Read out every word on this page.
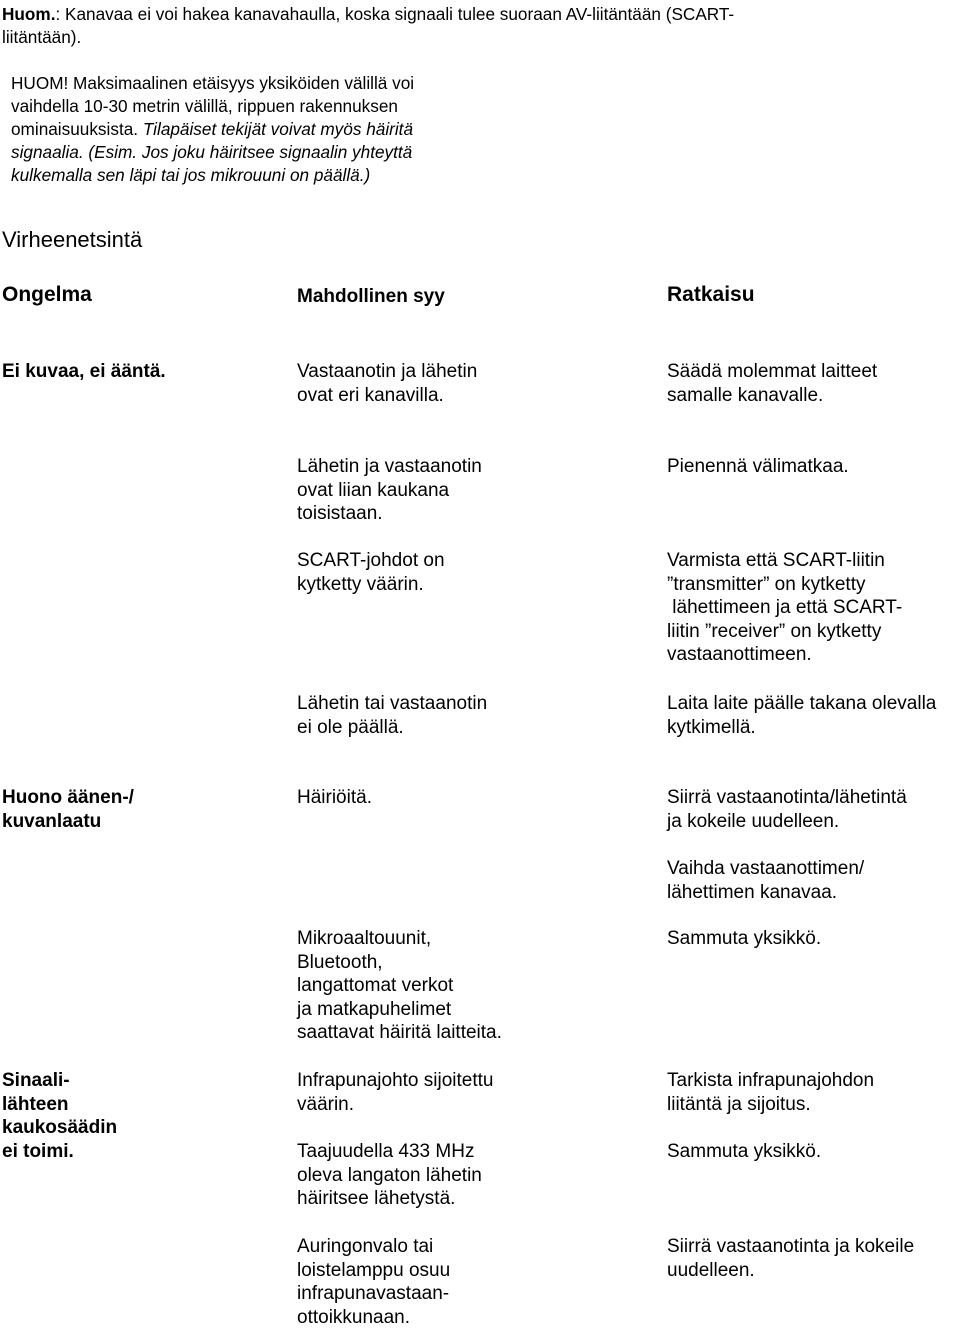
Huom.: Kanavaa ei voi hakea kanavahaulla, koska signaali tulee suoraan AV-liitäntään (SCART-
liitäntään).

HUOM! Maksimaalinen etäisyys yksiköiden välillä voi
vaihdella 10-30 metrin välillä, rippuen rakennuksen
ominaisuuksista. Tilapäiset tekijät voivat myös häiritä
signaalia. (Esim. Jos joku häiritsee signaalin yhteyttä
kulkemalla sen läpi tai jos mikrouuni on päällä.)

Virheenetsintä
Ongelma	Mahdollinen syy	Ratkaisu

Ei kuvaa, ei ääntä.

Huono äänen-/
kuvanlaatu

Sinaali-
lähteen
kaukosäädin
ei toimi.

Vastaanotin ja lähetin
ovat eri kanavilla.

Lähetin ja vastaanotin
ovat liian kaukana
toisistaan.

SCART-johdot on
kytketty väärin.

Lähetin tai vastaanotin
ei ole päällä.

Häiriöitä.

Mikroaaltouunit,
Bluetooth,
langattomat verkot
ja matkapuhelimet
saattavat häiritä laitteita.

Infrapunajohto sijoitettu
väärin.

Taajuudella 433 MHz
oleva langaton lähetin
häiritsee lähetystä.

Auringonvalo tai
loistelamppu osuu
infrapunavastaan-
ottoikkunaan.

Säädä molemmat laitteet
samalle kanavalle.

Pienennä välimatkaa.

Varmista että SCART-liitin
”transmitter” on kytketty
lähettimeen ja että SCART-
liitin ”receiver” on kytketty
vastaanottimeen.

Laita laite päälle takana olevalla
kytkimellä.

Siirrä vastaanotinta/lähetintä
ja kokeile uudelleen.

Vaihda vastaanottimen/
lähettimen kanavaa.

Sammuta yksikkö.

Tarkista infrapunajohdon
liitäntä ja sijoitus.

Sammuta yksikkö.

Siirrä vastaanotinta ja kokeile
uudelleen.
